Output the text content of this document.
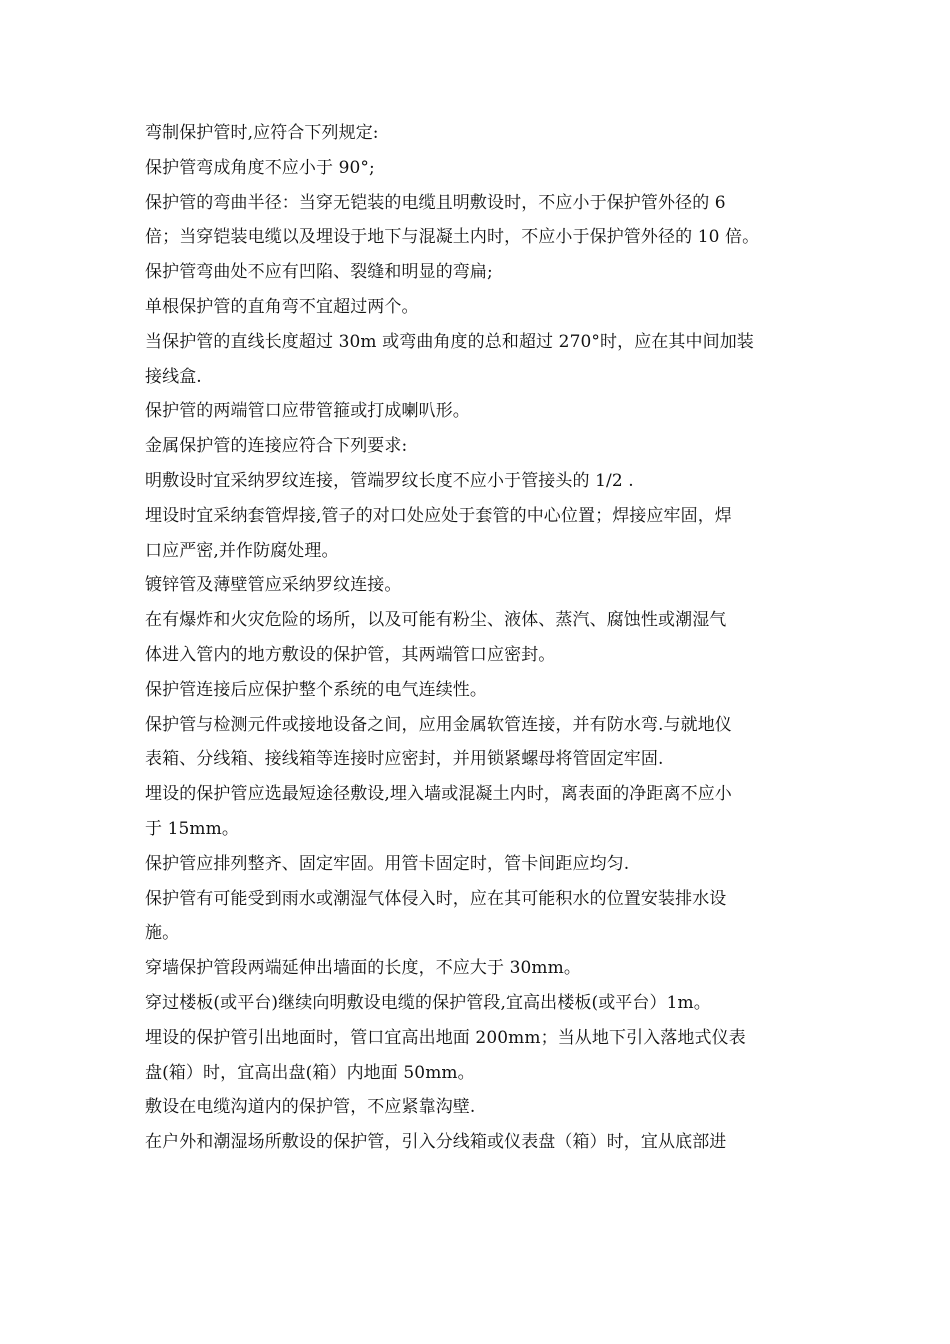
弯制保护管时,应符合下列规定:
保护管弯成角度不应小于 90°;
保护管的弯曲半径：当穿无铠装的电缆且明敷设时，不应小于保护管外径的 6
倍；当穿铠装电缆以及埋设于地下与混凝土内时，不应小于保护管外径的 10 倍。
保护管弯曲处不应有凹陷、裂缝和明显的弯扁;
单根保护管的直角弯不宜超过两个。
当保护管的直线长度超过 30m 或弯曲角度的总和超过 270°时，应在其中间加装
接线盒.
保护管的两端管口应带管箍或打成喇叭形。
金属保护管的连接应符合下列要求:
明敷设时宜采纳罗纹连接，管端罗纹长度不应小于管接头的 1/2 .
埋设时宜采纳套管焊接,管子的对口处应处于套管的中心位置；焊接应牢固，焊
口应严密,并作防腐处理。
镀锌管及薄壁管应采纳罗纹连接。
在有爆炸和火灾危险的场所，以及可能有粉尘、液体、蒸汽、腐蚀性或潮湿气
体进入管内的地方敷设的保护管，其两端管口应密封。
保护管连接后应保护整个系统的电气连续性。
保护管与检测元件或接地设备之间，应用金属软管连接，并有防水弯.与就地仪
表箱、分线箱、接线箱等连接时应密封，并用锁紧螺母将管固定牢固.
埋设的保护管应选最短途径敷设,埋入墙或混凝土内时，离表面的净距离不应小
于 15mm。
保护管应排列整齐、固定牢固。用管卡固定时，管卡间距应均匀.
保护管有可能受到雨水或潮湿气体侵入时，应在其可能积水的位置安装排水设
施。
穿墙保护管段两端延伸出墙面的长度，不应大于 30mm。
穿过楼板(或平台)继续向明敷设电缆的保护管段,宜高出楼板(或平台）1m。
埋设的保护管引出地面时，管口宜高出地面 200mm；当从地下引入落地式仪表
盘(箱）时，宜高出盘(箱）内地面 50mm。
敷设在电缆沟道内的保护管，不应紧靠沟壁.
在户外和潮湿场所敷设的保护管，引入分线箱或仪表盘（箱）时，宜从底部进
